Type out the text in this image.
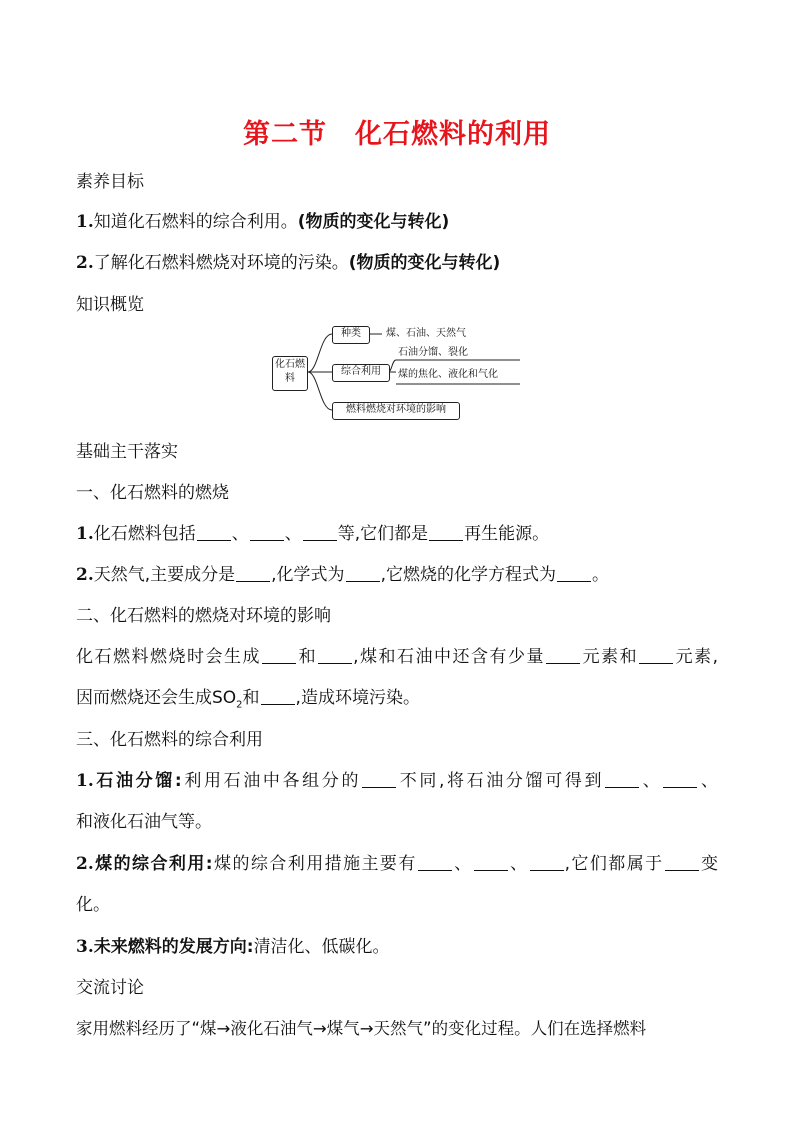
第二节　化石燃料的利用
素养目标
1.知道化石燃料的综合利用。(物质的变化与转化)
2.了解化石燃料燃烧对环境的污染。(物质的变化与转化)
知识概览
化石燃料
种类	煤、石油、天然气
综合利用
石油分馏、裂化
煤的焦化、液化和气化
燃料燃烧对环境的影响
基础主干落实
一、化石燃料的燃烧
1.化石燃料包括 、 、 等,它们都是 再生能源。
2.天然气,主要成分是 ,化学式为 ,它燃烧的化学方程式为 。
二、化石燃料的燃烧对环境的影响
化石燃料燃烧时会生成 和 ,煤和石油中还含有少量 元素和 元素,
因而燃烧还会生成$SO_2$和 ,造成环境污染。
三、化石燃料的综合利用
1.石油分馏:利用石油中各组分的 不同,将石油分馏可得到 、 、
和液化石油气等。
2.煤的综合利用:煤的综合利用措施主要有 、 、 ,它们都属于 变
化。
3.未来燃料的发展方向:清洁化、低碳化。
交流讨论
家用燃料经历了“煤→液化石油气→煤气→天然气”的变化过程。人们在选择燃料
